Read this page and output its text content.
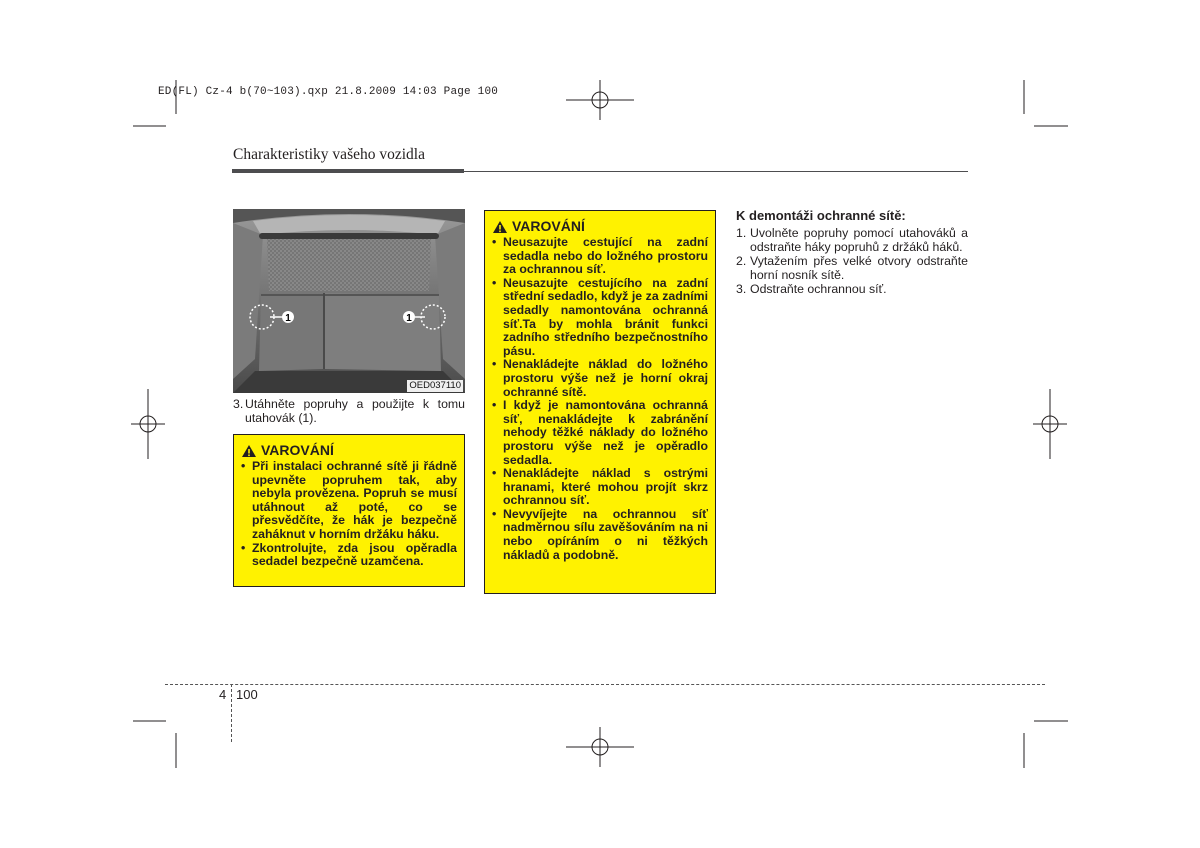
ED(FL) Cz-4 b(70~103).qxp 21.8.2009 14:03 Page 100
Charakteristiky vašeho vozidla
1	1
OED037110
3. Utáhněte popruhy a použijte k tomu utahovák (1).
VAROVÁNÍ
• Při instalaci ochranné sítě ji řádně upevněte popruhem tak, aby nebyla provězena. Popruh se musí utáhnout až poté, co se přesvědčíte, že hák je bezpečně zaháknut v horním držáku háku.
• Zkontrolujte, zda jsou opěradla sedadel bezpečně uzamčena.
VAROVÁNÍ
• Neusazujte cestující na zadní sedadla nebo do ložného prostoru za ochrannou síť.
• Neusazujte cestujícího na zadní střední sedadlo, když je za zadními sedadly namontována ochranná síť.Ta by mohla bránit funkci zadního středního bezpečnostního pásu.
• Nenakládejte náklad do ložného prostoru výše než je horní okraj ochranné sítě.
• I když je namontována ochranná síť, nenakládejte k zabránění nehody těžké náklady do ložného prostoru výše než je opěradlo sedadla.
• Nenakládejte náklad s ostrými hranami, které mohou projít skrz ochrannou síť.
• Nevyvíjejte na ochrannou síť nadměrnou sílu zavěšováním na ni nebo opíráním o ni těžkých nákladů a podobně.
K demontáži ochranné sítě:
1. Uvolněte popruhy pomocí utahováků a odstraňte háky popruhů z držáků háků.
2. Vytažením přes velké otvory odstraňte horní nosník sítě.
3. Odstraňte ochrannou síť.
4 100
